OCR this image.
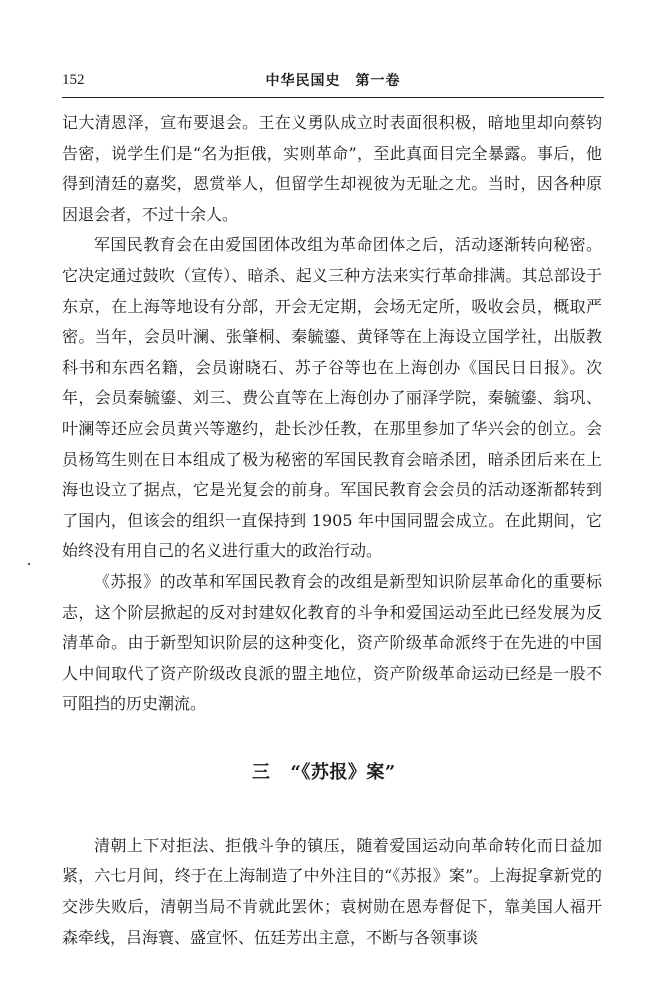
152	中华民国史　第一卷

记大清恩泽，宣布要退会。王在义勇队成立时表面很积极，暗地里却向蔡钧告密，说学生们是“名为拒俄，实则革命”，至此真面目完全暴露。事后，他得到清廷的嘉奖，恩赏举人，但留学生却视彼为无耻之尤。当时，因各种原因退会者，不过十余人。

军国民教育会在由爱国团体改组为革命团体之后，活动逐渐转向秘密。它决定通过鼓吹（宣传）、暗杀、起义三种方法来实行革命排满。其总部设于东京，在上海等地设有分部，开会无定期，会场无定所，吸收会员，概取严密。当年，会员叶澜、张肇桐、秦毓鎏、黄铎等在上海设立国学社，出版教科书和东西名籍，会员谢晓石、苏子谷等也在上海创办《国民日日报》。次年，会员秦毓鎏、刘三、费公直等在上海创办了丽泽学院，秦毓鎏、翁巩、叶澜等还应会员黄兴等邀约，赴长沙任教，在那里参加了华兴会的创立。会员杨笃生则在日本组成了极为秘密的军国民教育会暗杀团，暗杀团后来在上海也设立了据点，它是光复会的前身。军国民教育会会员的活动逐渐都转到了国内，但该会的组织一直保持到 1905 年中国同盟会成立。在此期间，它始终没有用自己的名义进行重大的政治行动。

《苏报》的改革和军国民教育会的改组是新型知识阶层革命化的重要标志，这个阶层掀起的反对封建奴化教育的斗争和爱国运动至此已经发展为反清革命。由于新型知识阶层的这种变化，资产阶级革命派终于在先进的中国人中间取代了资产阶级改良派的盟主地位，资产阶级革命运动已经是一股不可阻挡的历史潮流。

三 “《苏报》案”

清朝上下对拒法、拒俄斗争的镇压，随着爱国运动向革命转化而日益加紧，六七月间，终于在上海制造了中外注目的“《苏报》案”。上海捉拿新党的交涉失败后，清朝当局不肯就此罢休；袁树勋在恩寿督促下，靠美国人福开森牵线，吕海寰、盛宣怀、伍廷芳出主意，不断与各领事谈
